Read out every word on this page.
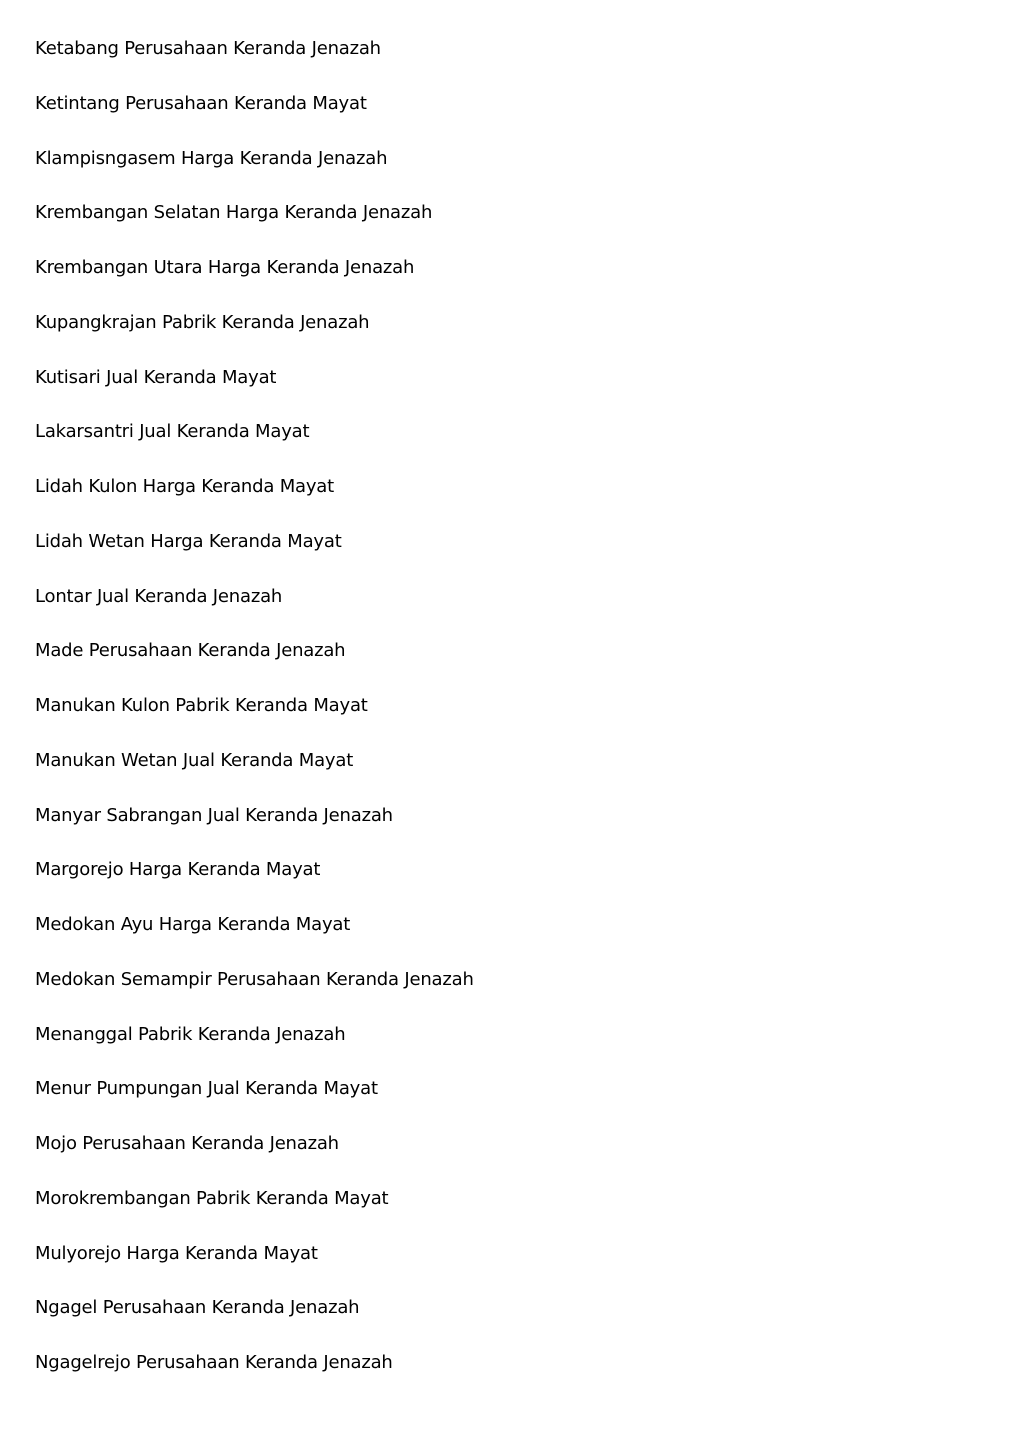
Ketabang Perusahaan Keranda Jenazah
Ketintang Perusahaan Keranda Mayat
Klampisngasem Harga Keranda Jenazah
Krembangan Selatan Harga Keranda Jenazah
Krembangan Utara Harga Keranda Jenazah
Kupangkrajan Pabrik Keranda Jenazah
Kutisari Jual Keranda Mayat
Lakarsantri Jual Keranda Mayat
Lidah Kulon Harga Keranda Mayat
Lidah Wetan Harga Keranda Mayat
Lontar Jual Keranda Jenazah
Made Perusahaan Keranda Jenazah
Manukan Kulon Pabrik Keranda Mayat
Manukan Wetan Jual Keranda Mayat
Manyar Sabrangan Jual Keranda Jenazah
Margorejo Harga Keranda Mayat
Medokan Ayu Harga Keranda Mayat
Medokan Semampir Perusahaan Keranda Jenazah
Menanggal Pabrik Keranda Jenazah
Menur Pumpungan Jual Keranda Mayat
Mojo Perusahaan Keranda Jenazah
Morokrembangan Pabrik Keranda Mayat
Mulyorejo Harga Keranda Mayat
Ngagel Perusahaan Keranda Jenazah
Ngagelrejo Perusahaan Keranda Jenazah
